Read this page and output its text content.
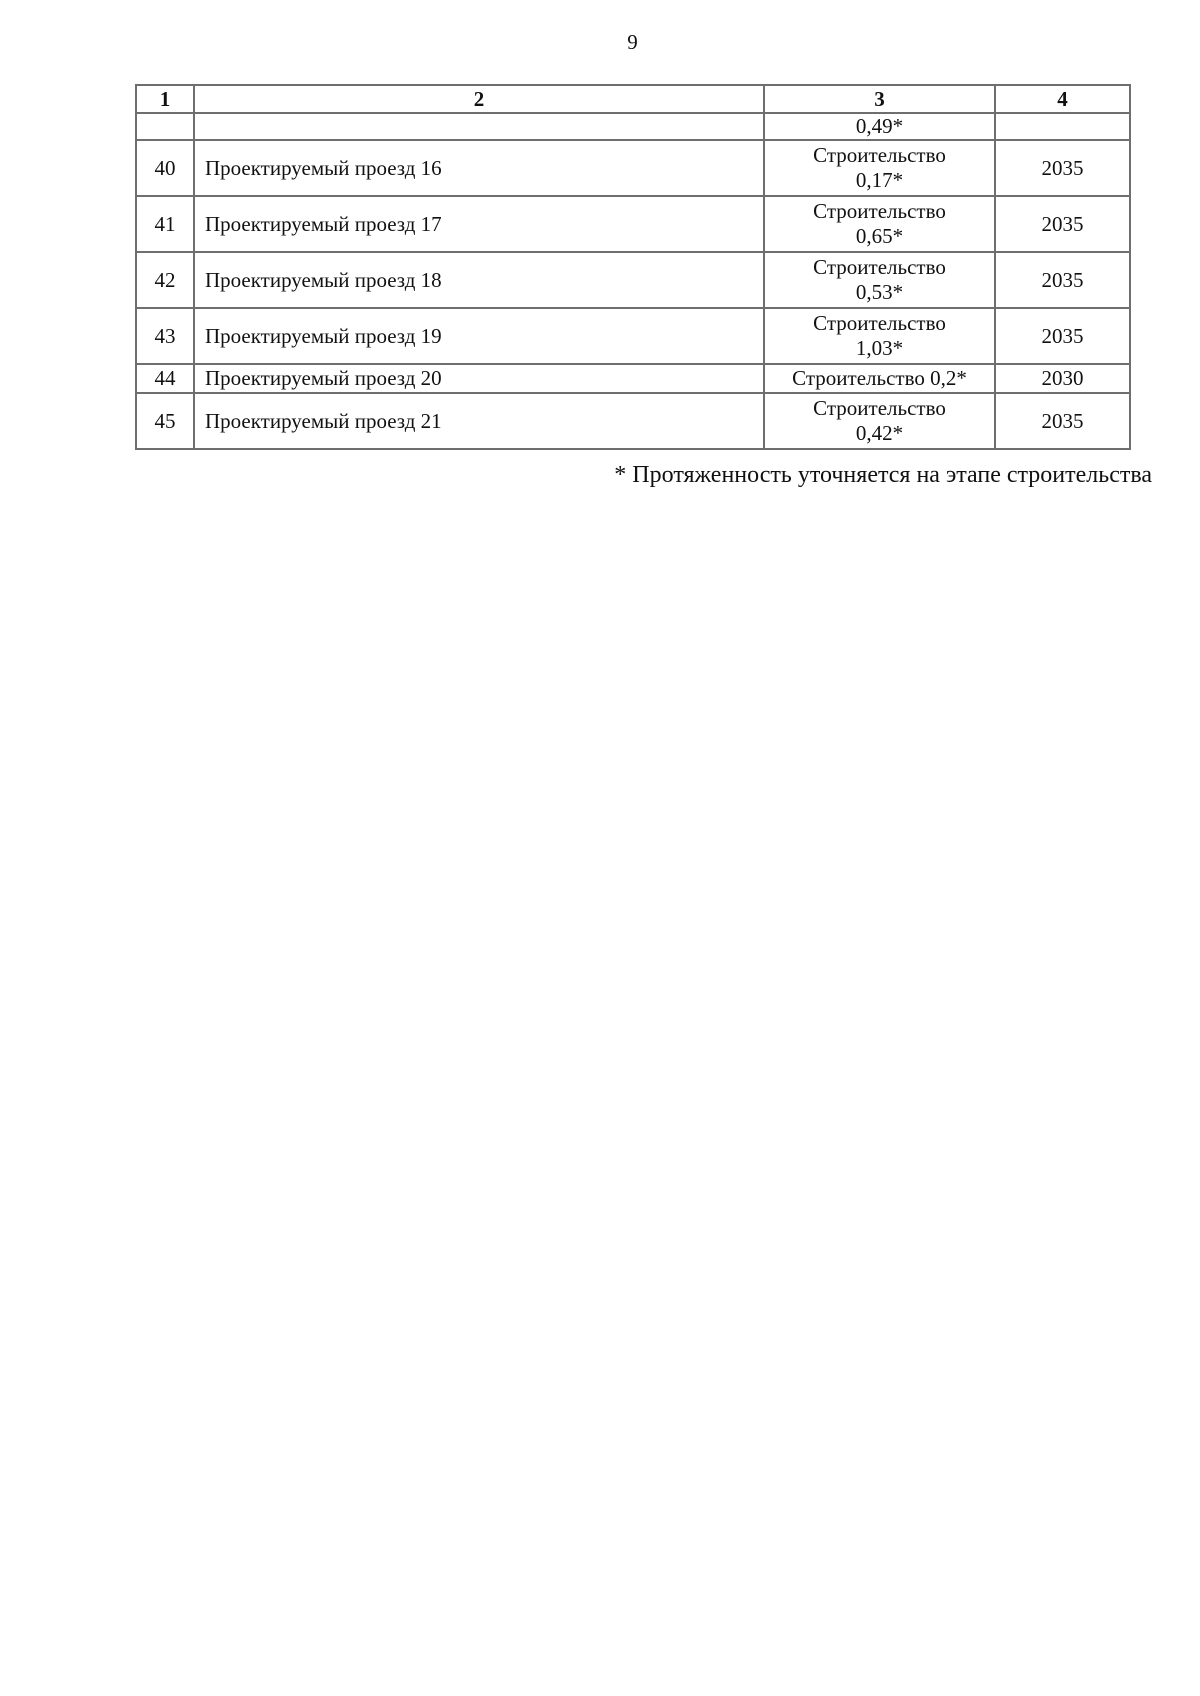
9
1	2	3	4
		0,49*	
40	Проектируемый проезд 16	Строительство
0,17*	2035
41	Проектируемый проезд 17	Строительство
0,65*	2035
42	Проектируемый проезд 18	Строительство
0,53*	2035
43	Проектируемый проезд 19	Строительство
1,03*	2035
44	Проектируемый проезд 20	Строительство 0,2*	2030
45	Проектируемый проезд 21	Строительство
0,42*	2035
* Протяженность уточняется на этапе строительства
